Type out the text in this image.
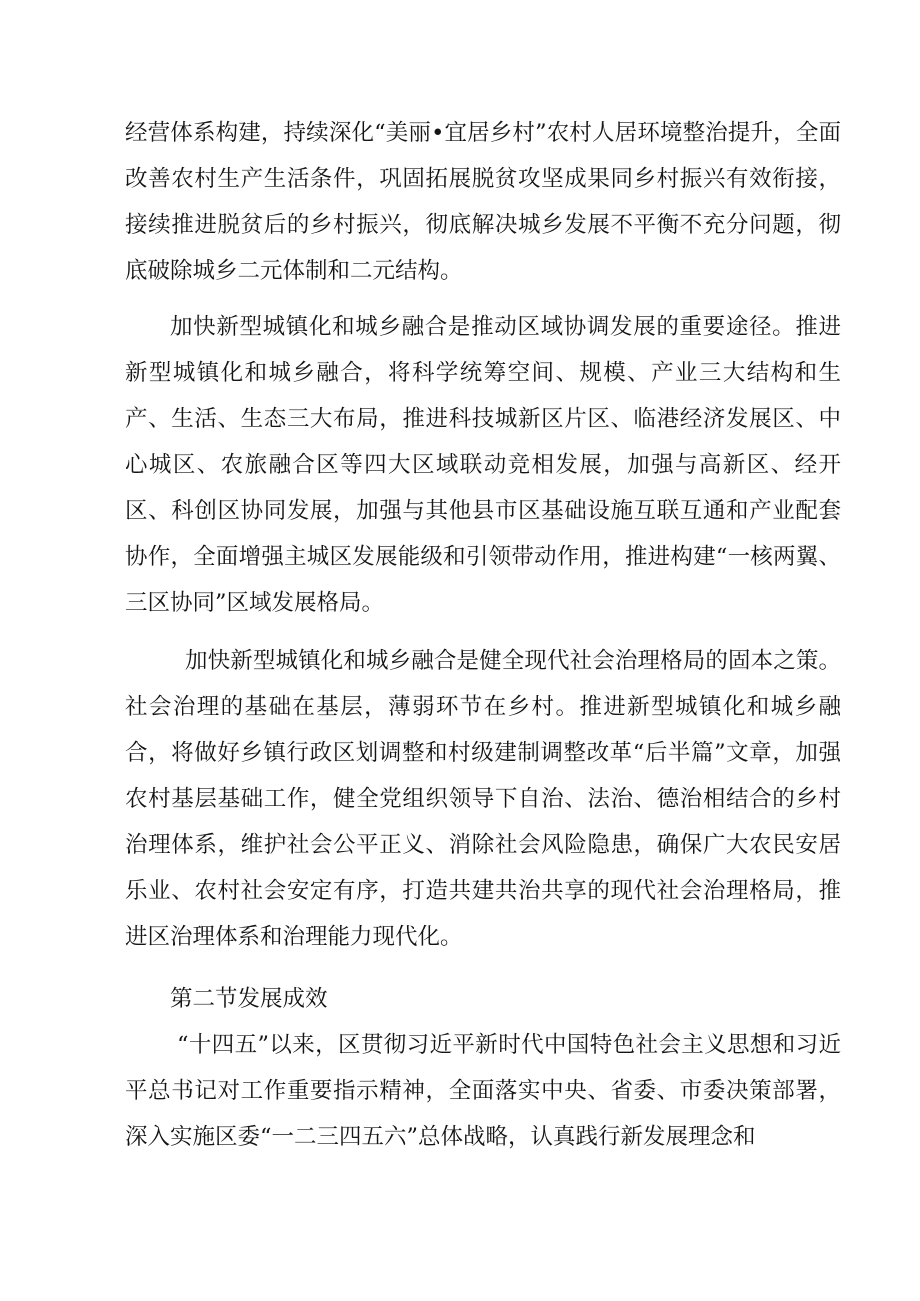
经营体系构建，持续深化“美丽•宜居乡村”农村人居环境整治提升，全面改善农村生产生活条件，巩固拓展脱贫攻坚成果同乡村振兴有效衔接，接续推进脱贫后的乡村振兴，彻底解决城乡发展不平衡不充分问题，彻底破除城乡二元体制和二元结构。

加快新型城镇化和城乡融合是推动区域协调发展的重要途径。推进新型城镇化和城乡融合，将科学统筹空间、规模、产业三大结构和生产、生活、生态三大布局，推进科技城新区片区、临港经济发展区、中心城区、农旅融合区等四大区域联动竞相发展，加强与高新区、经开区、科创区协同发展，加强与其他县市区基础设施互联互通和产业配套协作，全面增强主城区发展能级和引领带动作用，推进构建“一核两翼、三区协同”区域发展格局。

加快新型城镇化和城乡融合是健全现代社会治理格局的固本之策。社会治理的基础在基层，薄弱环节在乡村。推进新型城镇化和城乡融合，将做好乡镇行政区划调整和村级建制调整改革“后半篇”文章，加强农村基层基础工作，健全党组织领导下自治、法治、德治相结合的乡村治理体系，维护社会公平正义、消除社会风险隐患，确保广大农民安居乐业、农村社会安定有序，打造共建共治共享的现代社会治理格局，推进区治理体系和治理能力现代化。

第二节发展成效

“十四五”以来，区贯彻习近平新时代中国特色社会主义思想和习近平总书记对工作重要指示精神，全面落实中央、省委、市委决策部署，深入实施区委“一二三四五六”总体战略，认真践行新发展理念和
